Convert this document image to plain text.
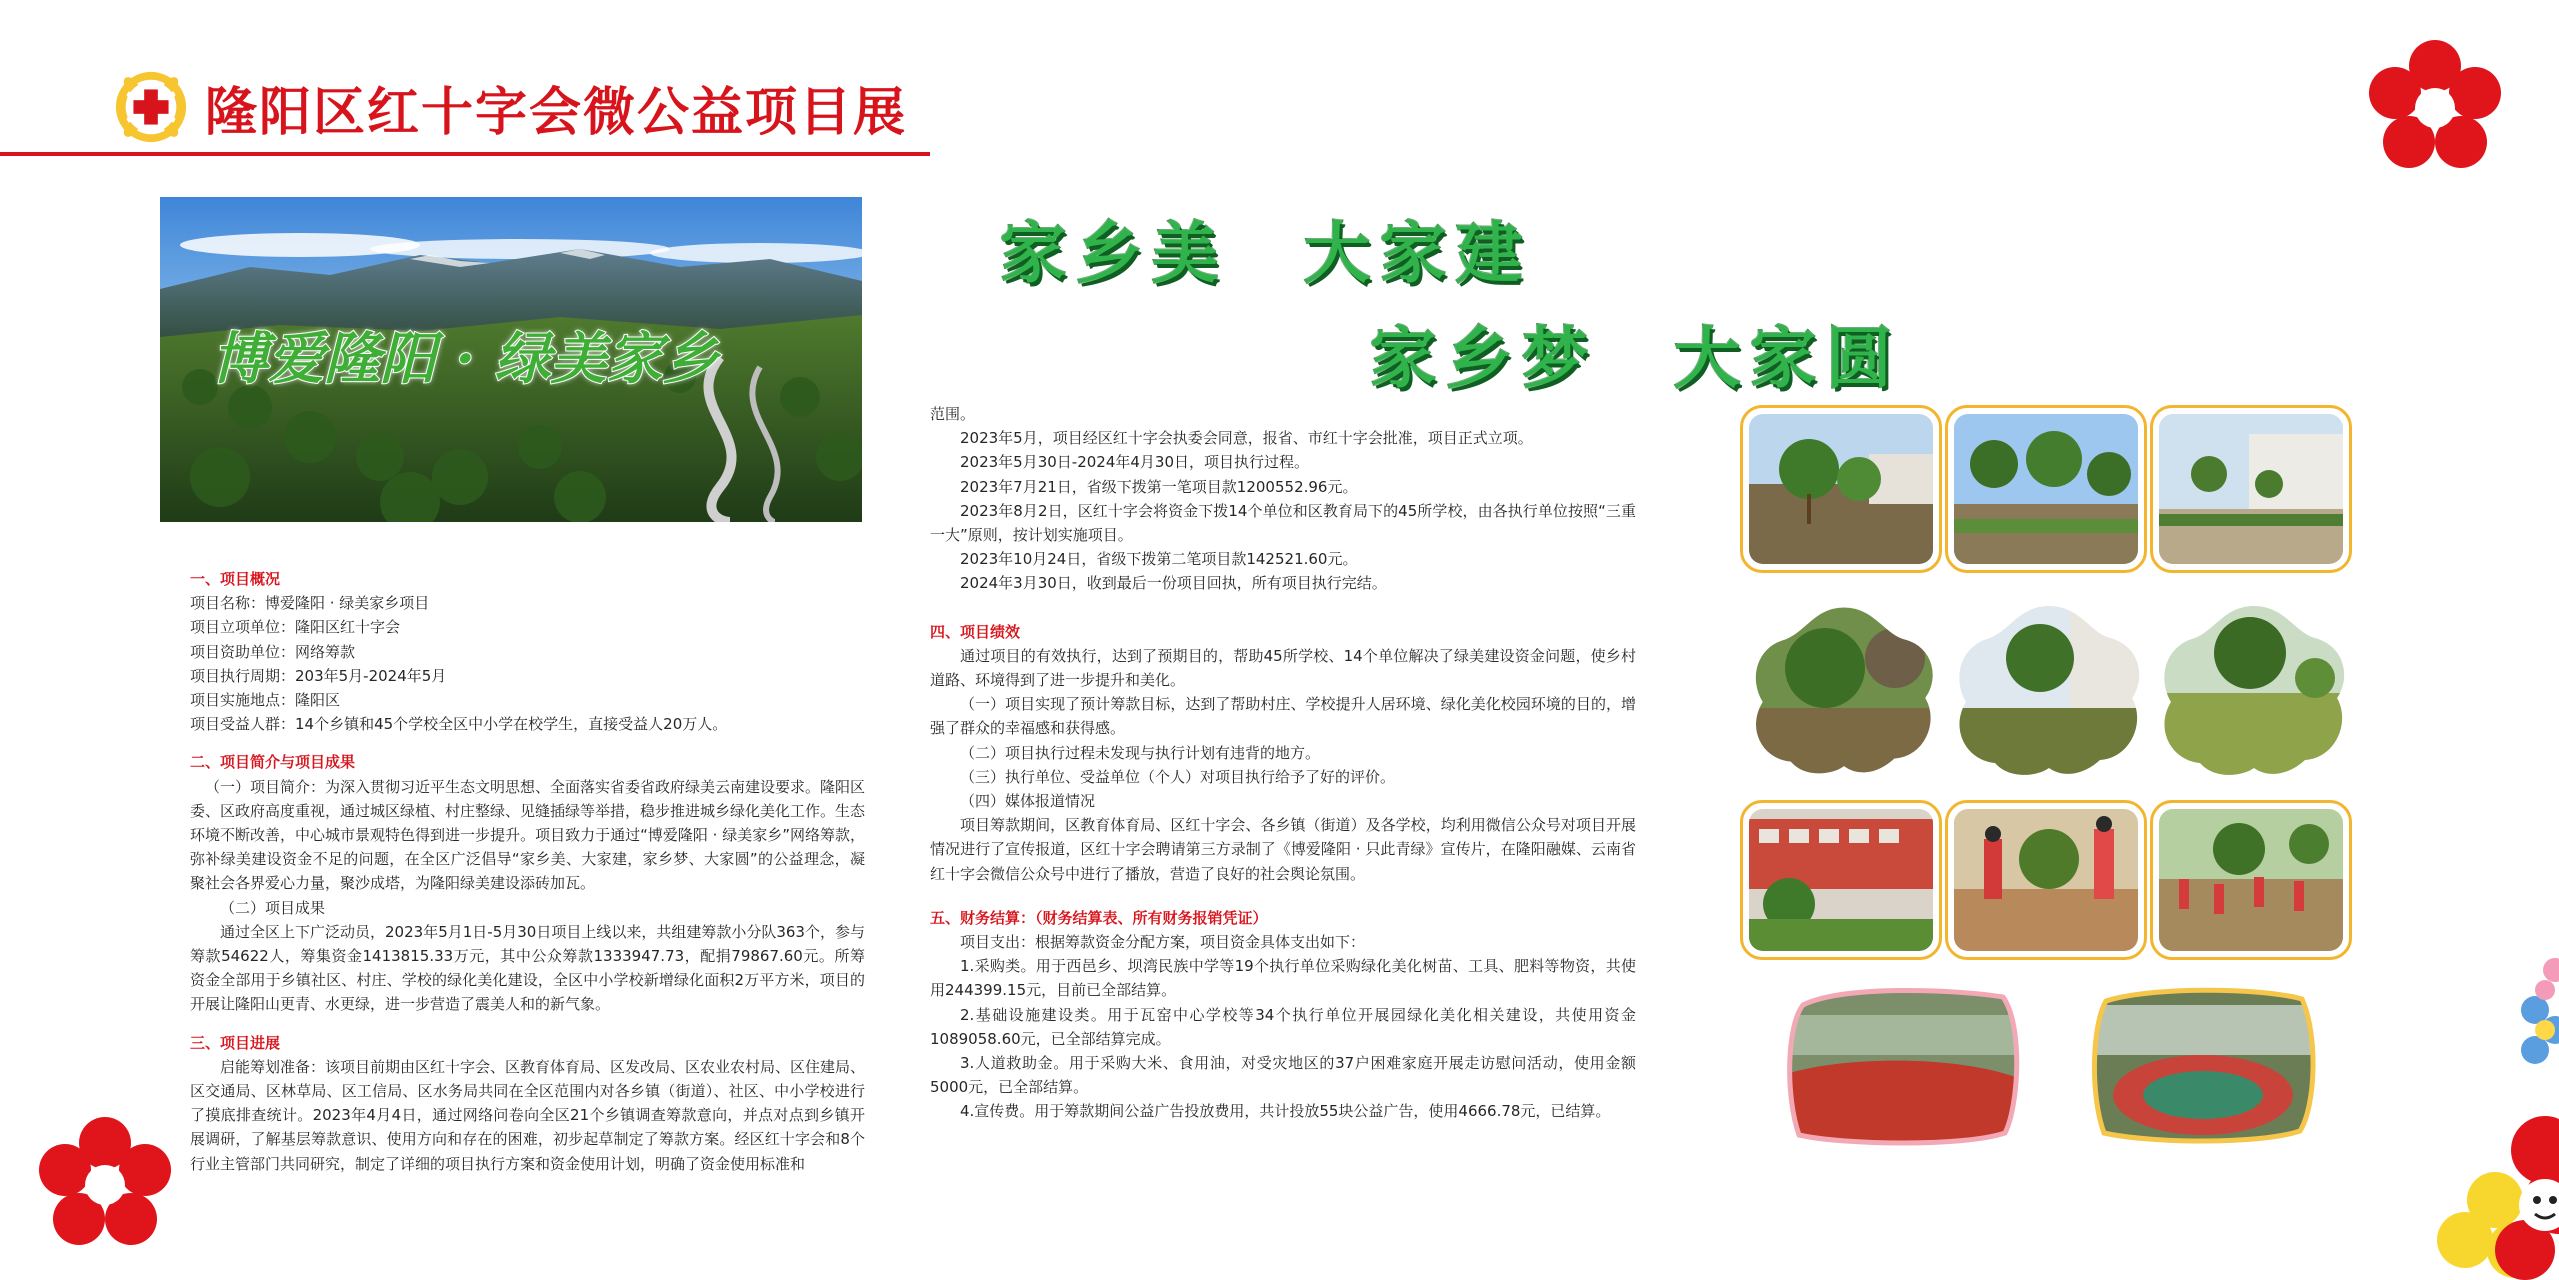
隆阳区红十字会微公益项目展
博爱隆阳 · 绿美家乡
一、项目概况

项目名称：博爱隆阳 · 绿美家乡项目

项目立项单位：隆阳区红十字会

项目资助单位：网络筹款

项目执行周期：203年5月-2024年5月

项目实施地点：隆阳区

项目受益人群：14个乡镇和45个学校全区中小学在校学生，直接受益人20万人。

二、项目简介与项目成果

（一）项目简介：为深入贯彻习近平生态文明思想、全面落实省委省政府绿美云南建设要求。隆阳区委、区政府高度重视，通过城区绿植、村庄整绿、见缝插绿等举措，稳步推进城乡绿化美化工作。生态环境不断改善，中心城市景观特色得到进一步提升。项目致力于通过“博爱隆阳 · 绿美家乡”网络筹款，弥补绿美建设资金不足的问题，在全区广泛倡导“家乡美、大家建，家乡梦、大家圆”的公益理念，凝聚社会各界爱心力量，聚沙成塔，为隆阳绿美建设添砖加瓦。

（二）项目成果

通过全区上下广泛动员，2023年5月1日-5月30日项目上线以来，共组建筹款小分队363个，参与筹款54622人，筹集资金1413815.33万元，其中公众筹款1333947.73，配捐79867.60元。所筹资金全部用于乡镇社区、村庄、学校的绿化美化建设，全区中小学校新增绿化面积2万平方米，项目的开展让隆阳山更青、水更绿，进一步营造了震美人和的新气象。

三、项目进展

启能筹划准备：该项目前期由区红十字会、区教育体育局、区发改局、区农业农村局、区住建局、区交通局、区林草局、区工信局、区水务局共同在全区范围内对各乡镇（街道）、社区、中小学校进行了摸底排查统计。2023年4月4日，通过网络问卷向全区21个乡镇调查筹款意向，并点对点到乡镇开展调研，了解基层筹款意识、使用方向和存在的困难，初步起草制定了筹款方案。经区红十字会和8个行业主管部门共同研究，制定了详细的项目执行方案和资金使用计划，明确了资金使用标准和

范围。

2023年5月，项目经区红十字会执委会同意，报省、市红十字会批准，项目正式立项。

2023年5月30日-2024年4月30日，项目执行过程。

2023年7月21日，省级下拨第一笔项目款1200552.96元。

2023年8月2日，区红十字会将资金下拨14个单位和区教育局下的45所学校，由各执行单位按照“三重一大”原则，按计划实施项目。

2023年10月24日，省级下拨第二笔项目款142521.60元。

2024年3月30日，收到最后一份项目回执，所有项目执行完结。

四、项目绩效

通过项目的有效执行，达到了预期目的，帮助45所学校、14个单位解决了绿美建设资金问题，使乡村道路、环境得到了进一步提升和美化。

（一）项目实现了预计筹款目标，达到了帮助村庄、学校提升人居环境、绿化美化校园环境的目的，增强了群众的幸福感和获得感。

（二）项目执行过程未发现与执行计划有违背的地方。

（三）执行单位、受益单位（个人）对项目执行给予了好的评价。

（四）媒体报道情况

项目筹款期间，区教育体育局、区红十字会、各乡镇（街道）及各学校，均利用微信公众号对项目开展情况进行了宣传报道，区红十字会聘请第三方录制了《博爱隆阳 · 只此青绿》宣传片，在隆阳融媒、云南省红十字会微信公众号中进行了播放，营造了良好的社会舆论氛围。

五、财务结算：（财务结算表、所有财务报销凭证）

项目支出：根据筹款资金分配方案，项目资金具体支出如下：

1.采购类。用于西邑乡、坝湾民族中学等19个执行单位采购绿化美化树苗、工具、肥料等物资，共使用244399.15元，目前已全部结算。

2.基础设施建设类。用于瓦窑中心学校等34个执行单位开展园绿化美化相关建设，共使用资金1089058.60元，已全部结算完成。

3.人道救助金。用于采购大米、食用油，对受灾地区的37户困难家庭开展走访慰问活动，使用金额5000元，已全部结算。

4.宣传费。用于筹款期间公益广告投放费用，共计投放55块公益广告，使用4666.78元，已结算。

家乡美　大家建
家乡梦　大家圆
